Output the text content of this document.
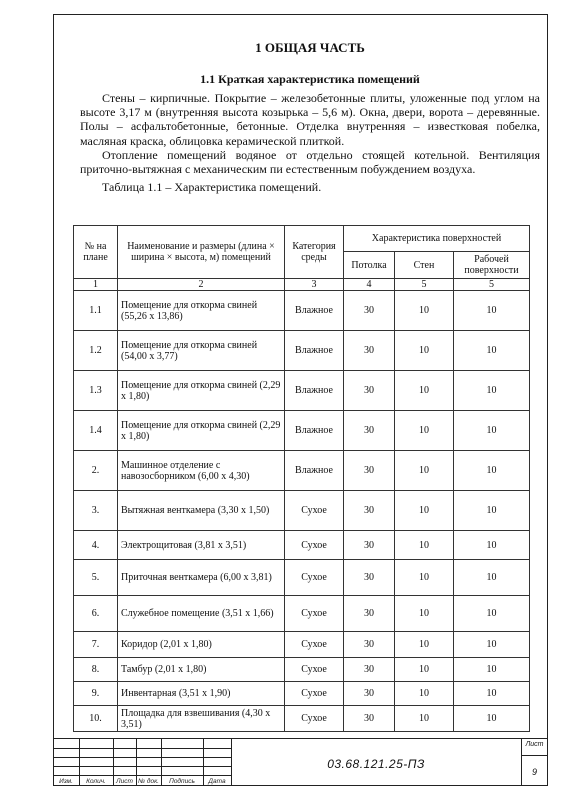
1 ОБЩАЯ ЧАСТЬ

1.1 Краткая характеристика помещений

Стены – кирпичные. Покрытие – железобетонные плиты, уложенные под углом на высоте 3,17 м (внутренняя высота козырька – 5,6 м). Окна, двери, ворота – деревянные. Полы – асфальтобетонные, бетонные. Отделка внутренняя – известковая побелка, масляная краска, облицовка керамической плиткой.

Отопление помещений водяное от отдельно стоящей котельной. Вентиляция приточно-вытяжная с механическим пи естественным побуждением воздуха.

Таблица 1.1 – Характеристика помещений.

№ на плане	Наименование и размеры (длина × ширина × высота, м) помещений	Категория среды	Характеристика поверхностей		
			Потолка	Стен	Рабочей поверхности
1	2	3	4	5	5
1.1	Помещение для откорма свиней (55,26 х 13,86)	Влажное	30	10	10
1.2	Помещение для откорма свиней (54,00 х 3,77)	Влажное	30	10	10
1.3	Помещение для откорма свиней (2,29 х 1,80)	Влажное	30	10	10
1.4	Помещение для откорма свиней (2,29 х 1,80)	Влажное	30	10	10
2.	Машинное отделение с навозосборником (6,00 х 4,30)	Влажное	30	10	10
3.	Вытяжная венткамера (3,30 х 1,50)	Сухое	30	10	10
4.	Электрощитовая (3,81 х 3,51)	Сухое	30	10	10
5.	Приточная венткамера (6,00 х 3,81)	Сухое	30	10	10
6.	Служебное помещение (3,51 х 1,66)	Сухое	30	10	10
7.	Коридор (2,01 х 1,80)	Сухое	30	10	10
8.	Тамбур (2,01 х 1,80)	Сухое	30	10	10
9.	Инвентарная (3,51 х 1,90)	Сухое	30	10	10
10.	Площадка для взвешивания (4,30 х 3,51)	Сухое	30	10	10
Изм.	Колич.	Лист № док.	Подпись	Дата
03.68.121.25-ПЗ
Лист
9
